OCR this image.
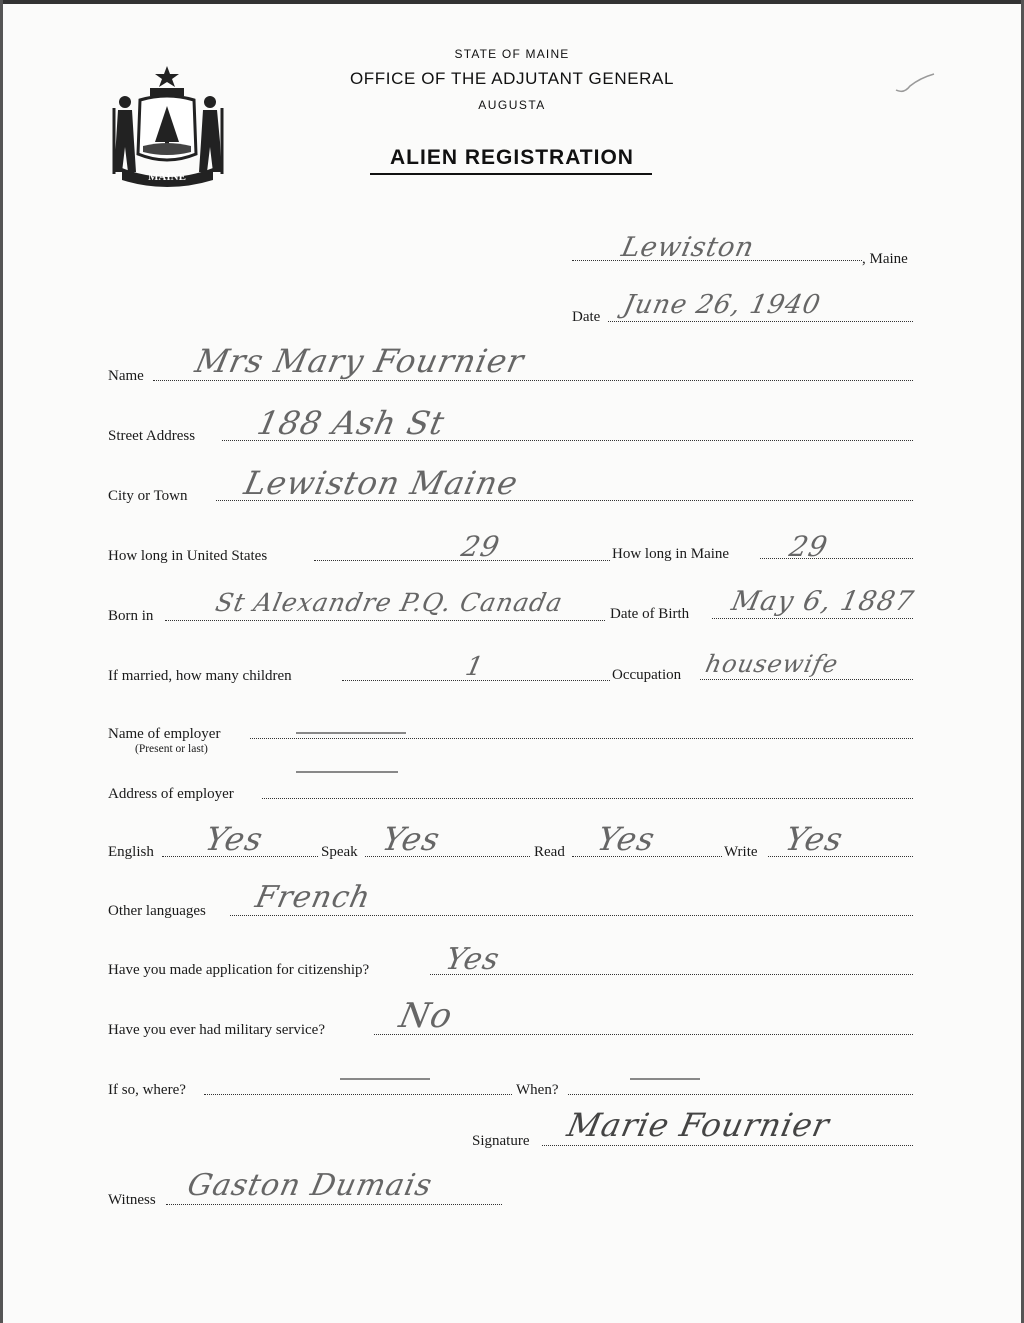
MAINE
STATE OF MAINE
OFFICE OF THE ADJUTANT GENERAL
AUGUSTA
ALIEN REGISTRATION
Lewiston	, Maine
Date June 26, 1940
Name Mrs Mary Fournier
Street Address 188 Ash St
City or Town Lewiston Maine
How long in United States	29	How long in Maine 29
Born in St Alexandre P.Q. Canada	Date of Birth May 6, 1887
If married, how many children	1	Occupation housewife
Name of employer
(Present or last)
Address of employer
English Yes	Speak Yes	Read Yes	Write Yes
Other languages French
Have you made application for citizenship? Yes
Have you ever had military service? No
If so, where?	When?
Signature Marie Fournier
Witness Gaston Dumais
